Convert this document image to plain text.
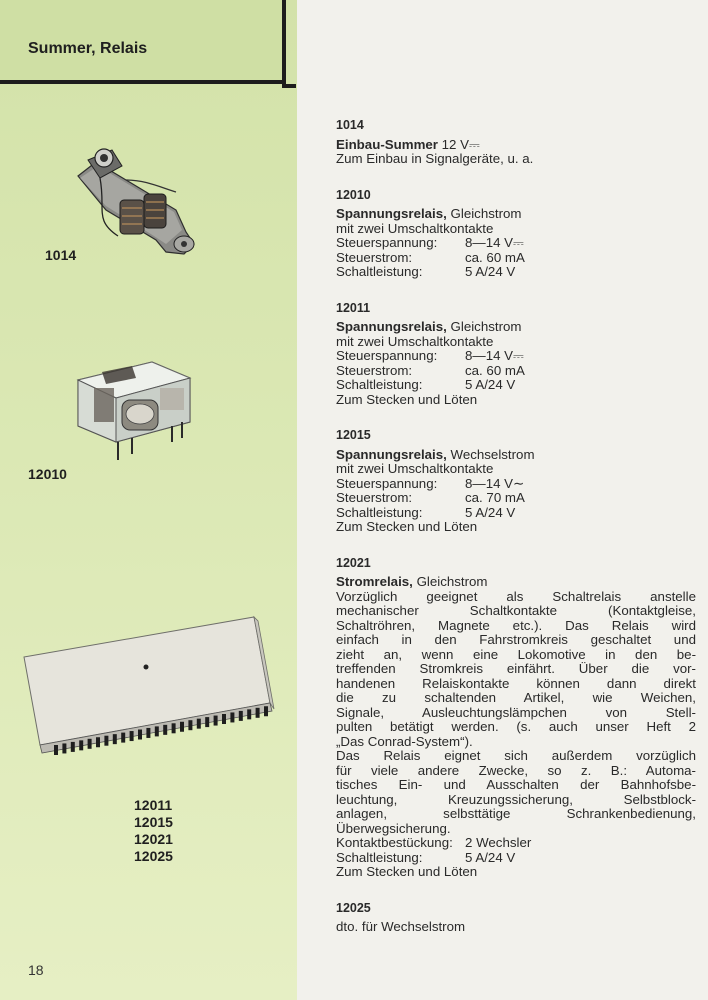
Summer, Relais
1014
12010
12011
12015
12021
12025
18
1014
Einbau-Summer 12 V⎓
Zum Einbau in Signalgeräte, u. a.
12010
Spannungsrelais, Gleichstrom
mit zwei Umschaltkontakte
Steuerspannung: 8—14 V⎓
Steuerstrom:	ca. 60 mA
Schaltleistung:	5 A/24 V
12011
Spannungsrelais, Gleichstrom
mit zwei Umschaltkontakte
Steuerspannung: 8—14 V⎓
Steuerstrom:	ca. 60 mA
Schaltleistung:	5 A/24 V
Zum Stecken und Löten
12015
Spannungsrelais, Wechselstrom
mit zwei Umschaltkontakte
Steuerspannung: 8—14 V∼
Steuerstrom:	ca. 70 mA
Schaltleistung:	5 A/24 V
Zum Stecken und Löten
12021
Stromrelais, Gleichstrom
Vorzüglich geeignet als Schaltrelais anstelle
mechanischer Schaltkontakte (Kontaktgleise,
Schaltröhren, Magnete etc.). Das Relais wird
einfach in den Fahrstromkreis geschaltet und
zieht an, wenn eine Lokomotive in den be-
treffenden Stromkreis einfährt. Über die vor-
handenen Relaiskontakte können dann direkt
die zu schaltenden Artikel, wie Weichen,
Signale, Ausleuchtungslämpchen von Stell-
pulten betätigt werden. (s. auch unser Heft 2
„Das Conrad-System“).
Das Relais eignet sich außerdem vorzüglich
für viele andere Zwecke, so z. B.: Automa-
tisches Ein- und Ausschalten der Bahnhofsbe-
leuchtung, Kreuzungssicherung, Selbstblock-
anlagen, selbsttätige Schrankenbedienung,
Überwegsicherung.
Kontaktbestückung: 2 Wechsler
Schaltleistung:	5 A/24 V
Zum Stecken und Löten
12025
dto. für Wechselstrom
